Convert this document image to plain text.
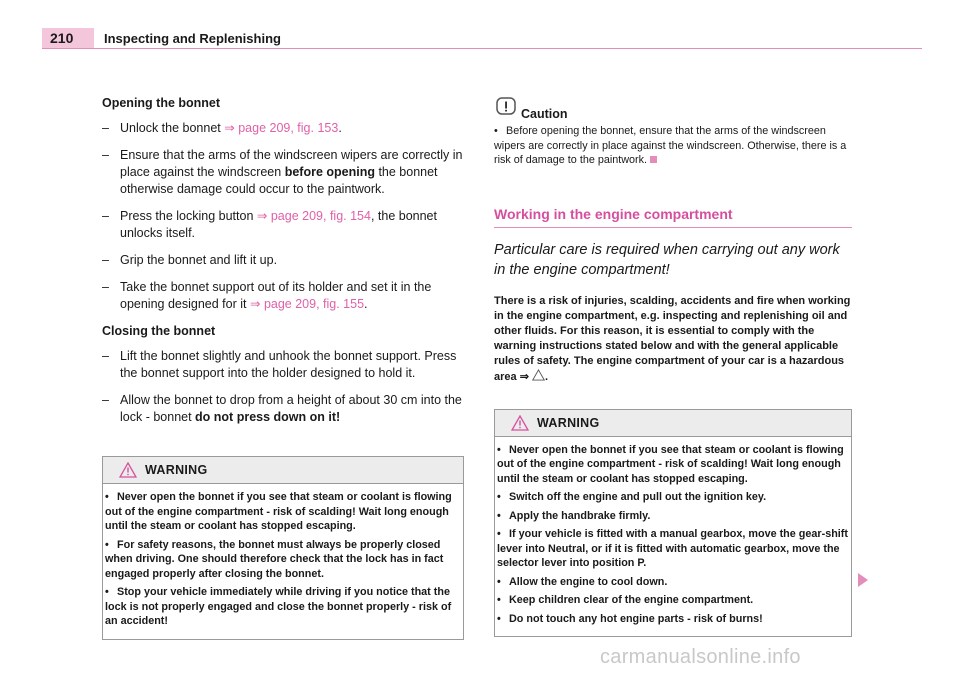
210	Inspecting and Replenishing
Opening the bonnet
– Unlock the bonnet ⇒ page 209, fig. 153.
– Ensure that the arms of the windscreen wipers are correctly in place against the windscreen before opening the bonnet otherwise damage could occur to the paintwork.
– Press the locking button ⇒ page 209, fig. 154, the bonnet unlocks itself.
– Grip the bonnet and lift it up.
– Take the bonnet support out of its holder and set it in the opening designed for it ⇒ page 209, fig. 155.
Closing the bonnet
– Lift the bonnet slightly and unhook the bonnet support. Press the bonnet support into the holder designed to hold it.
– Allow the bonnet to drop from a height of about 30 cm into the lock - bonnet do not press down on it!
WARNING
• Never open the bonnet if you see that steam or coolant is flowing out of the engine compartment - risk of scalding! Wait long enough until the steam or coolant has stopped escaping.
• For safety reasons, the bonnet must always be properly closed when driving. One should therefore check that the lock has in fact engaged properly after closing the bonnet.
• Stop your vehicle immediately while driving if you notice that the lock is not properly engaged and close the bonnet properly - risk of an accident!
Caution
• Before opening the bonnet, ensure that the arms of the windscreen wipers are correctly in place against the windscreen. Otherwise, there is a risk of damage to the paintwork.
Working in the engine compartment
Particular care is required when carrying out any work in the engine compartment!
There is a risk of injuries, scalding, accidents and fire when working in the engine compartment, e.g. inspecting and replenishing oil and other fluids. For this reason, it is essential to comply with the warning instructions stated below and with the general applicable rules of safety. The engine compartment of your car is a hazardous area ⇒ .
WARNING
• Never open the bonnet if you see that steam or coolant is flowing out of the engine compartment - risk of scalding! Wait long enough until the steam or coolant has stopped escaping.
• Switch off the engine and pull out the ignition key.
• Apply the handbrake firmly.
• If your vehicle is fitted with a manual gearbox, move the gear-shift lever into Neutral, or if it is fitted with automatic gearbox, move the selector lever into position P.
• Allow the engine to cool down.
• Keep children clear of the engine compartment.
• Do not touch any hot engine parts - risk of burns!
carmanualsonline.info
